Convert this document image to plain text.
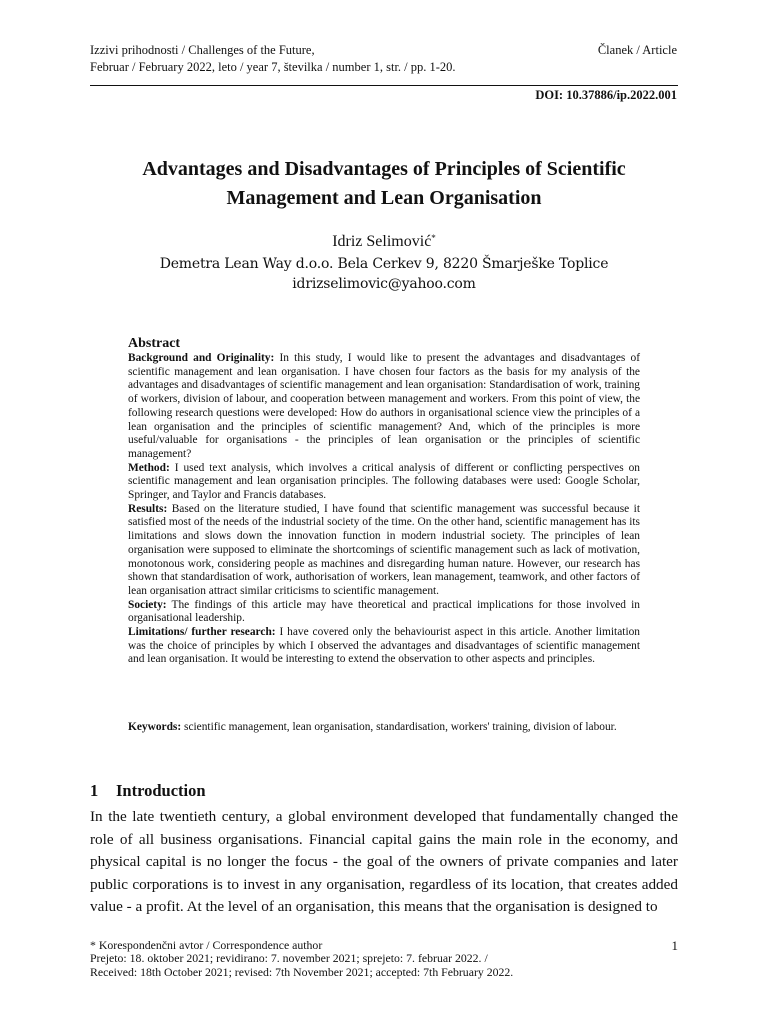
Izzivi prihodnosti / Challenges of the Future,
Februar / February 2022, leto / year 7, številka / number 1, str. / pp. 1-20.
Članek / Article
DOI: 10.37886/ip.2022.001
Advantages and Disadvantages of Principles of Scientific Management and Lean Organisation
Idriz Selimović*
Demetra Lean Way d.o.o. Bela Cerkev 9, 8220 Šmarješke Toplice
idrizselimovic@yahoo.com
Abstract

Background and Originality: In this study, I would like to present the advantages and disadvantages of scientific management and lean organisation. I have chosen four factors as the basis for my analysis of the advantages and disadvantages of scientific management and lean organisation: Standardisation of work, training of workers, division of labour, and cooperation between management and workers. From this point of view, the following research questions were developed: How do authors in organisational science view the principles of a lean organisation and the principles of scientific management? And, which of the principles is more useful/valuable for organisations - the principles of lean organisation or the principles of scientific management?

Method: I used text analysis, which involves a critical analysis of different or conflicting perspectives on scientific management and lean organisation principles. The following databases were used: Google Scholar, Springer, and Taylor and Francis databases.

Results: Based on the literature studied, I have found that scientific management was successful because it satisfied most of the needs of the industrial society of the time. On the other hand, scientific management has its limitations and slows down the innovation function in modern industrial society. The principles of lean organisation were supposed to eliminate the shortcomings of scientific management such as lack of motivation, monotonous work, considering people as machines and disregarding human nature. However, our research has shown that standardisation of work, authorisation of workers, lean management, teamwork, and other factors of lean organisation attract similar criticisms to scientific management.

Society: The findings of this article may have theoretical and practical implications for those involved in organisational leadership.

Limitations/ further research: I have covered only the behaviourist aspect in this article. Another limitation was the choice of principles by which I observed the advantages and disadvantages of scientific management and lean organisation. It would be interesting to extend the observation to other aspects and principles.

Keywords: scientific management, lean organisation, standardisation, workers' training, division of labour.
1 Introduction

In the late twentieth century, a global environment developed that fundamentally changed the role of all business organisations. Financial capital gains the main role in the economy, and physical capital is no longer the focus - the goal of the owners of private companies and later public corporations is to invest in any organisation, regardless of its location, that creates added value - a profit. At the level of an organisation, this means that the organisation is designed to

* Korespondenčni avtor / Correspondence author	1
Prejeto: 18. oktober 2021; revidirano: 7. november 2021; sprejeto: 7. februar 2022. /
Received: 18th October 2021; revised: 7th November 2021; accepted: 7th February 2022.
